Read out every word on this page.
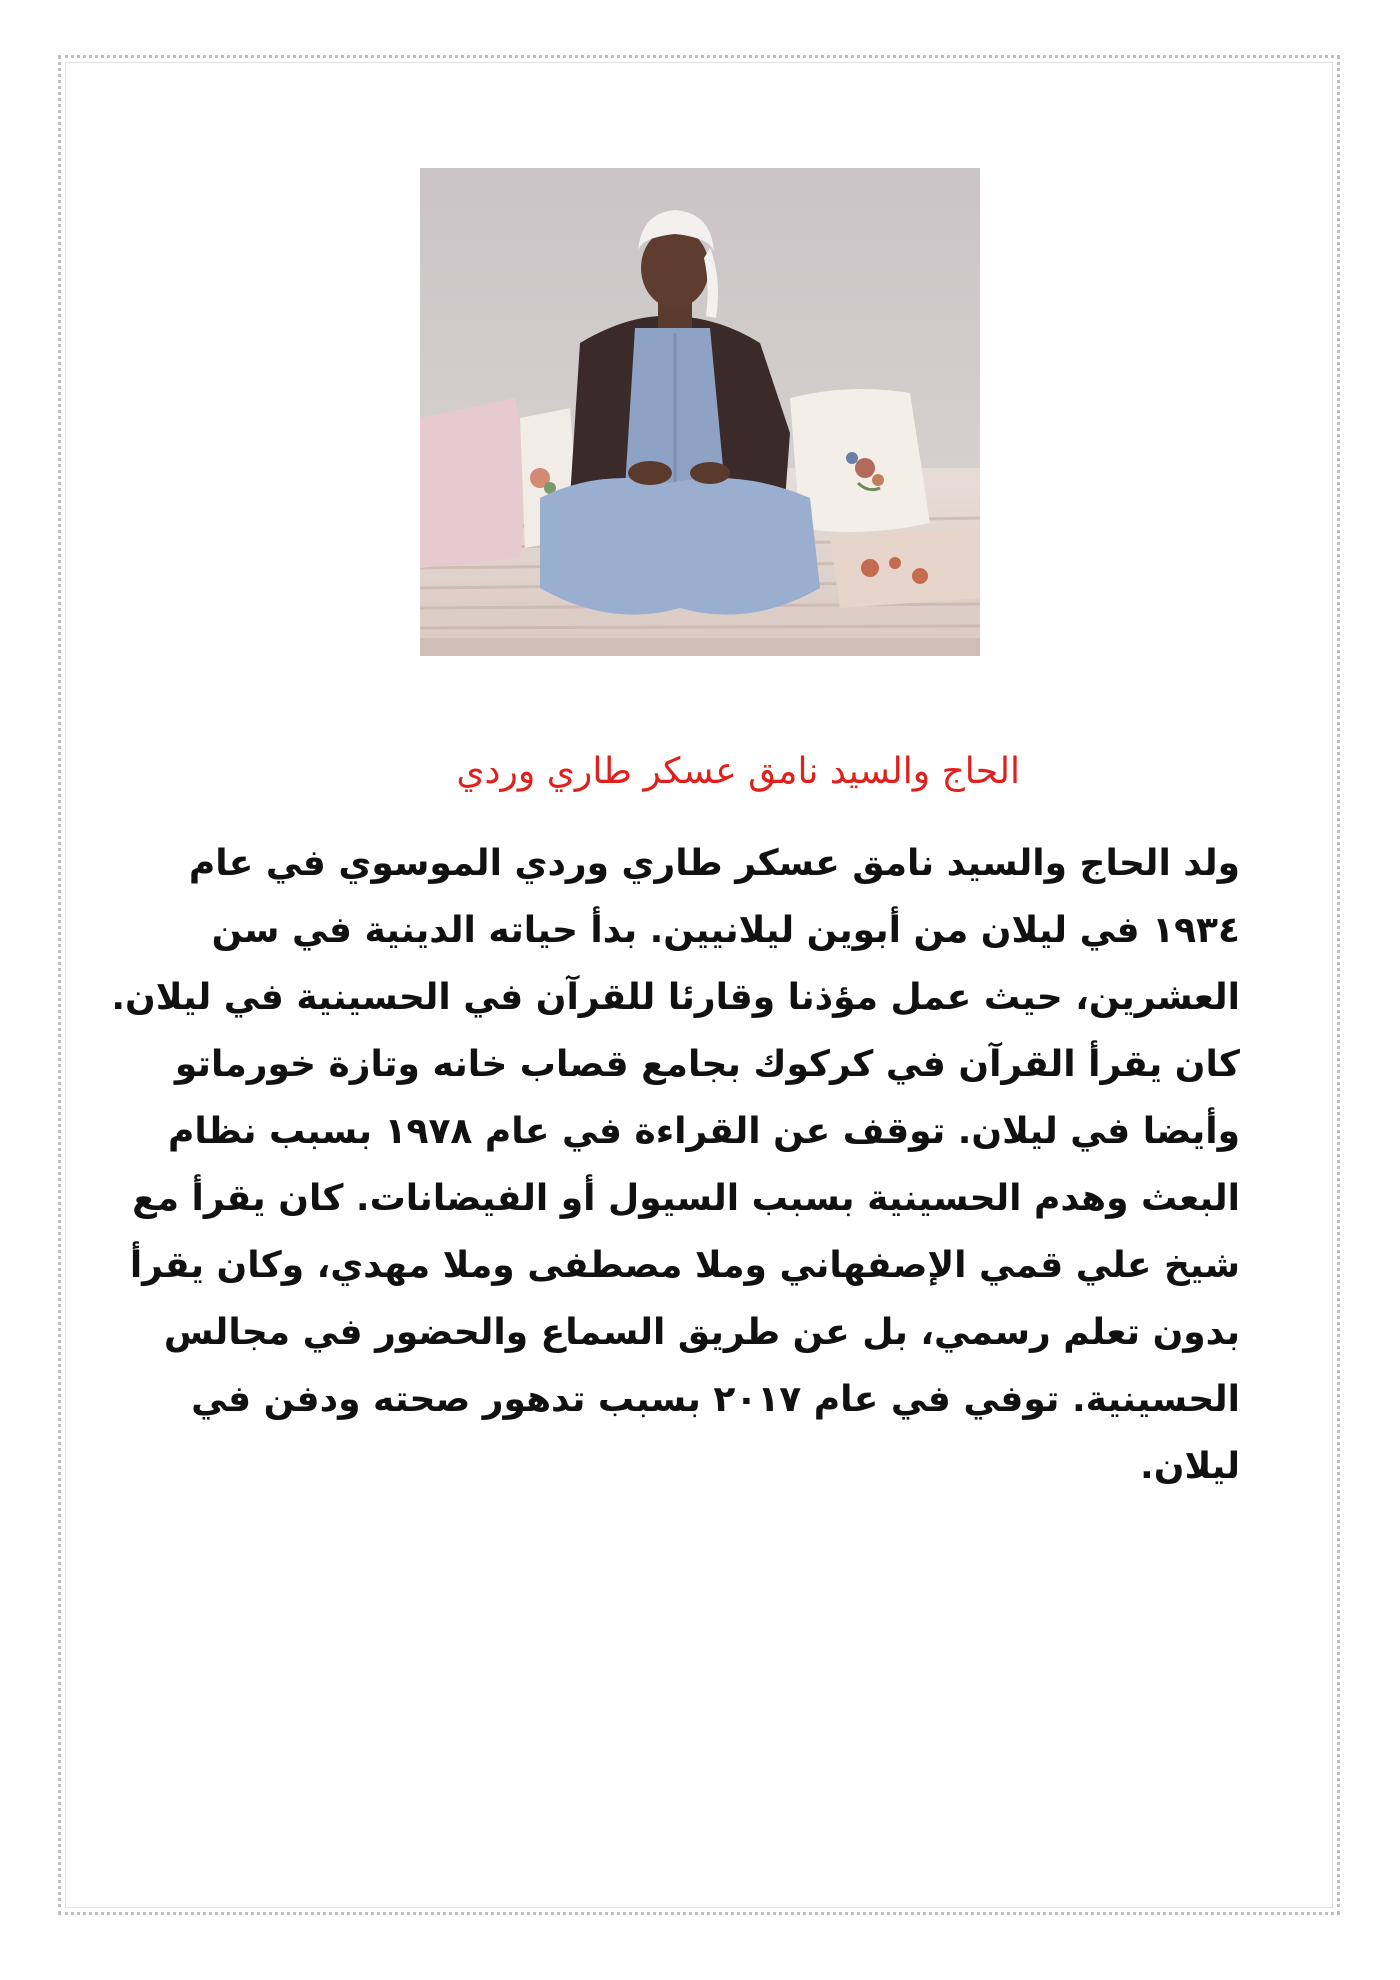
الحاج والسيد نامق عسكر طاري وردي
ولد الحاج والسيد نامق عسكر طاري وردي الموسوي في عام
١٩٣٤ في ليلان من أبوين ليلانيين. بدأ حياته الدينية في سن
العشرين، حيث عمل مؤذنا وقارئا للقرآن في الحسينية في ليلان.
كان يقرأ القرآن في كركوك بجامع قصاب خانه وتازة خورماتو
وأيضا في ليلان. توقف عن القراءة في عام ١٩٧٨ بسبب نظام
البعث وهدم الحسينية بسبب السيول أو الفيضانات. كان يقرأ مع
شيخ علي قمي الإصفهاني وملا مصطفى وملا مهدي، وكان يقرأ
بدون تعلم رسمي، بل عن طريق السماع والحضور في مجالس
الحسينية. توفي في عام ٢٠١٧ بسبب تدهور صحته ودفن في
ليلان.
